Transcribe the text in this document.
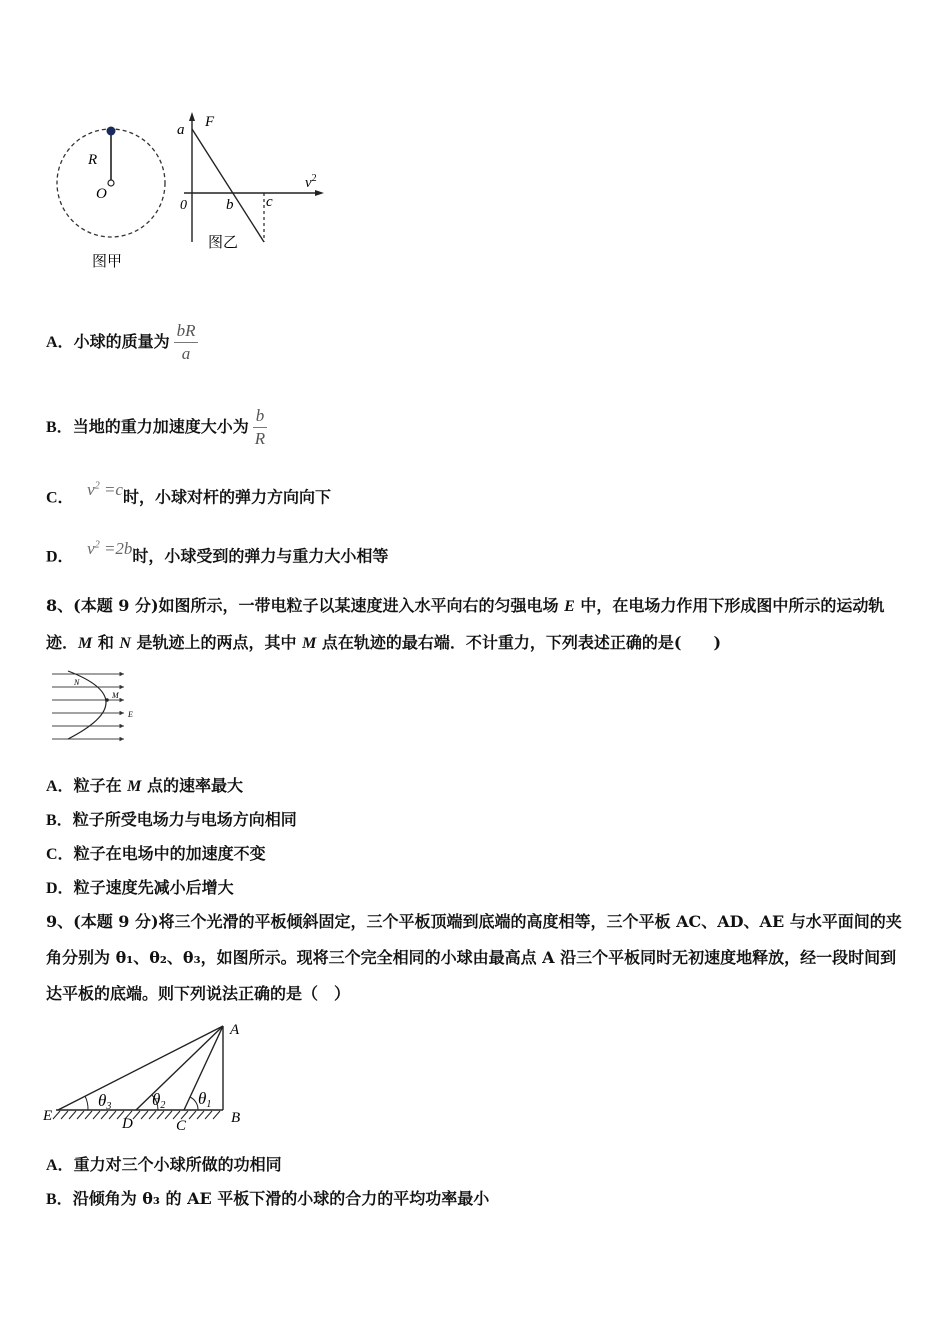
R
O
图甲
a F
$v^2$
0	b c
图乙
A．小球的质量为 $\frac{bR}{a}$
B．当地的重力加速度大小为 $\frac{b}{R}$
C． $v^2 =c$时，小球对杆的弹力方向向下
D． $v^2 =2b$时，小球受到的弹力与重力大小相等
8、(本题 9 分)如图所示，一带电粒子以某速度进入水平向右的匀强电场 E 中，在电场力作用下形成图中所示的运动轨迹．M 和 N 是轨迹上的两点，其中 M 点在轨迹的最右端．不计重力，下列表述正确的是(　　)
N
M
E
A．粒子在 M 点的速率最大
B．粒子所受电场力与电场方向相同
C．粒子在电场中的加速度不变
D．粒子速度先减小后增大
9、(本题 9 分)将三个光滑的平板倾斜固定，三个平板顶端到底端的高度相等，三个平板 AC、AD、AE 与水平面间的夹角分别为 θ₁、θ₂、θ₃，如图所示。现将三个完全相同的小球由最高点 A 沿三个平板同时无初速度地释放，经一段时间到达平板的底端。则下列说法正确的是（　）
A
B
C
D
E
θ3 θ2 θ1
A．重力对三个小球所做的功相同
B．沿倾角为 θ₃ 的 AE 平板下滑的小球的合力的平均功率最小
